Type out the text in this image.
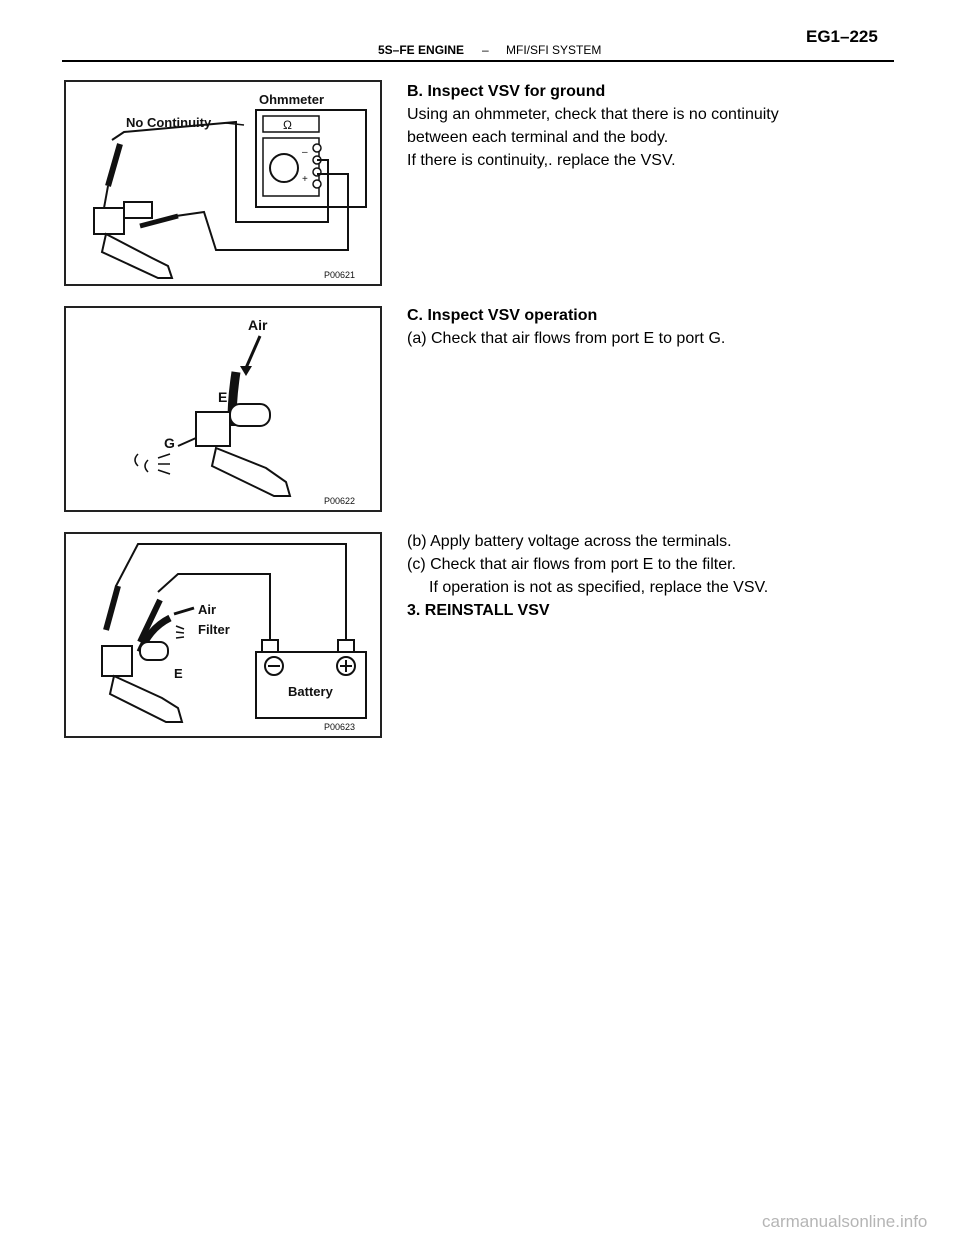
5S–FE ENGINE – MFI/SFI SYSTEM
EG1–225
No Continuity
Ohmmeter
Ω
–
+
P00621
Air
E
G
P00622
Battery
Air
Filter
E
P00623

B. Inspect VSV for ground

Using an ohmmeter, check that there is no continuity

between each terminal and the body.

If there is continuity,. replace the VSV.

C. Inspect VSV operation

(a) Check that air flows from port E to port G.

(b) Apply battery voltage across the terminals.

(c) Check that air flows from port E to the filter.

If operation is not as specified, replace the VSV.

3. REINSTALL VSV

carmanualsonline.info
